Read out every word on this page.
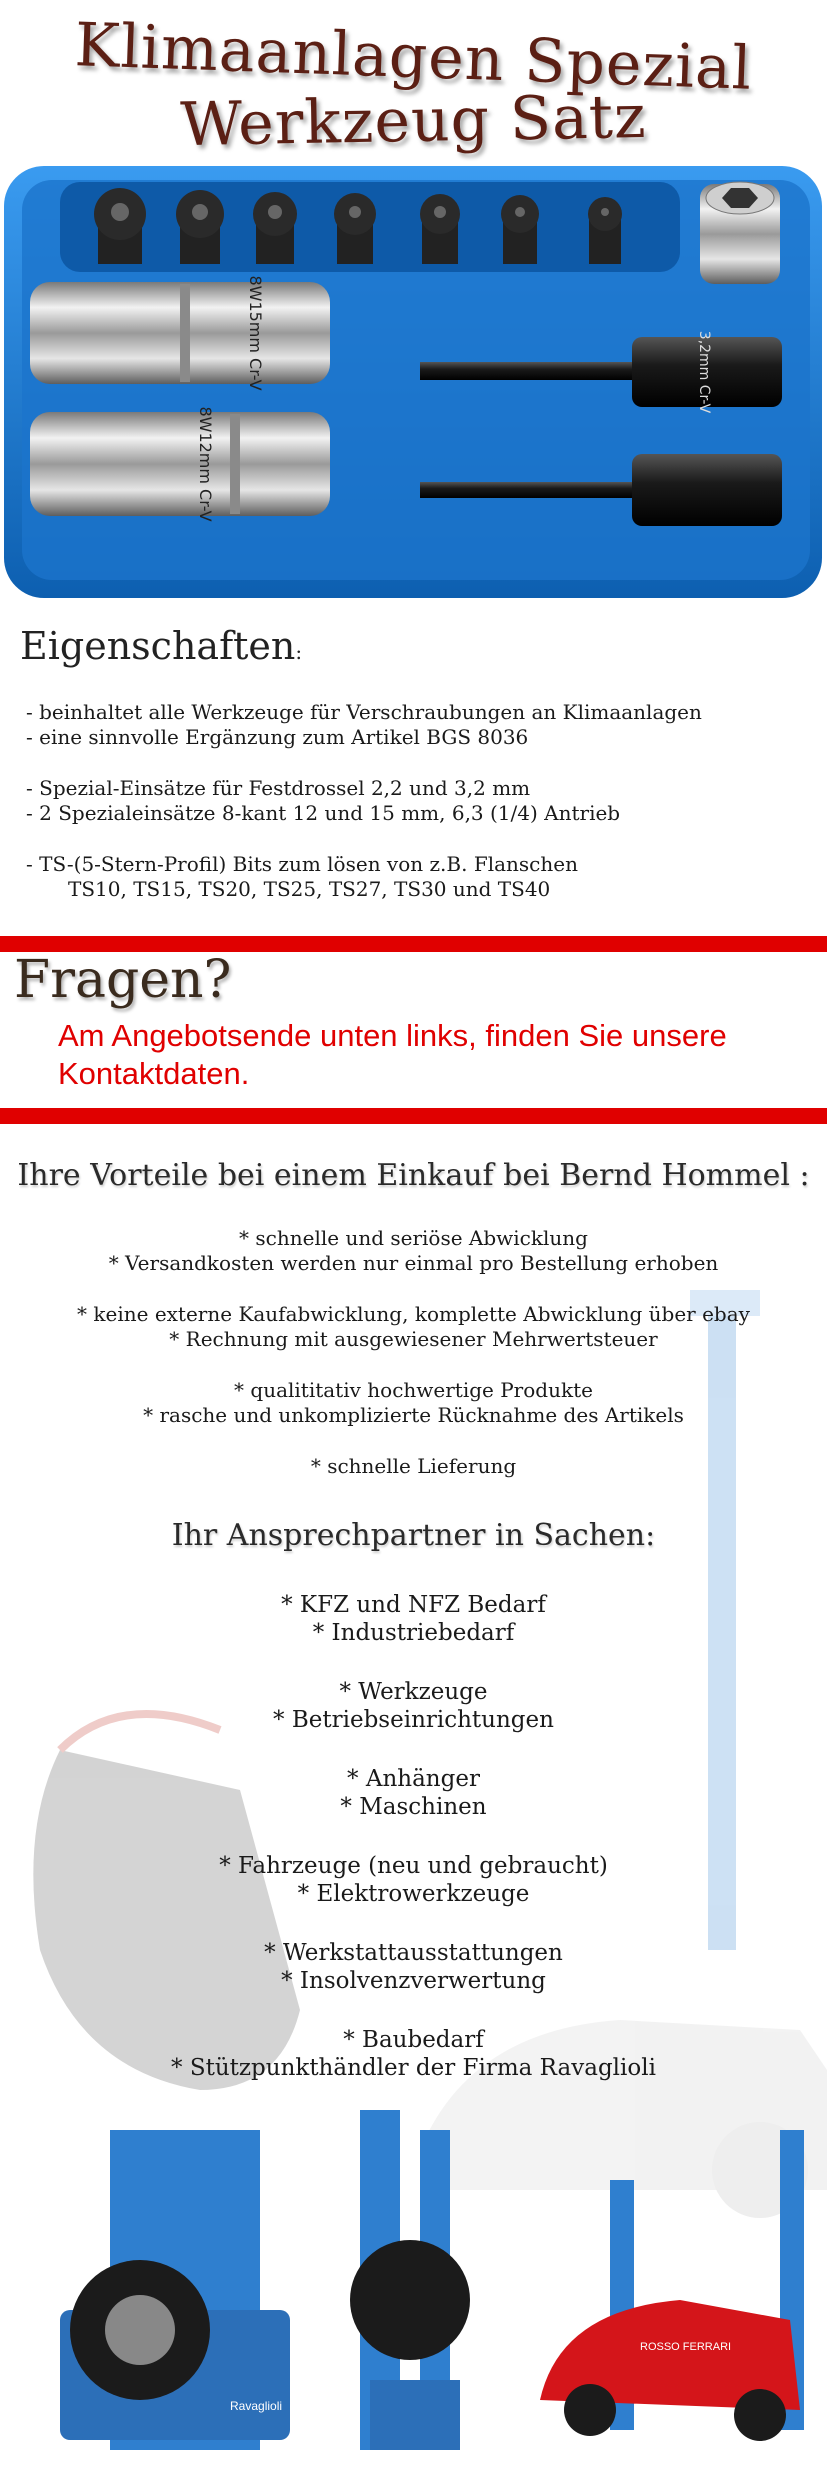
Klimaanlagen Spezial
Werkzeug Satz
8W15mm Cr-V
8W12mm Cr-V
3,2mm Cr-V
Eigenschaften:
- beinhaltet alle Werkzeuge für Verschraubungen an Klimaanlagen
- eine sinnvolle Ergänzung zum Artikel BGS 8036
- Spezial-Einsätze für Festdrossel 2,2 und 3,2 mm
- 2 Spezialeinsätze 8-kant 12 und 15 mm, 6,3 (1/4) Antrieb
- TS-(5-Stern-Profil) Bits zum lösen von z.B. Flanschen
TS10, TS15, TS20, TS25, TS27, TS30 und TS40
Fragen?
Am Angebotsende unten links, finden Sie unsere
Kontaktdaten.
Ravaglioli
ROSSO FERRARI
Ihre Vorteile bei einem Einkauf bei Bernd Hommel :
* schnelle und seriöse Abwicklung
* Versandkosten werden nur einmal pro Bestellung erhoben
* keine externe Kaufabwicklung, komplette Abwicklung über ebay
* Rechnung mit ausgewiesener Mehrwertsteuer
* qualititativ hochwertige Produkte
* rasche und unkomplizierte Rücknahme des Artikels
* schnelle Lieferung
Ihr Ansprechpartner in Sachen:
* KFZ und NFZ Bedarf
* Industriebedarf
* Werkzeuge
* Betriebseinrichtungen
* Anhänger
* Maschinen
* Fahrzeuge (neu und gebraucht)
* Elektrowerkzeuge
* Werkstattausstattungen
* Insolvenzverwertung
* Baubedarf
* Stützpunkthändler der Firma Ravaglioli
